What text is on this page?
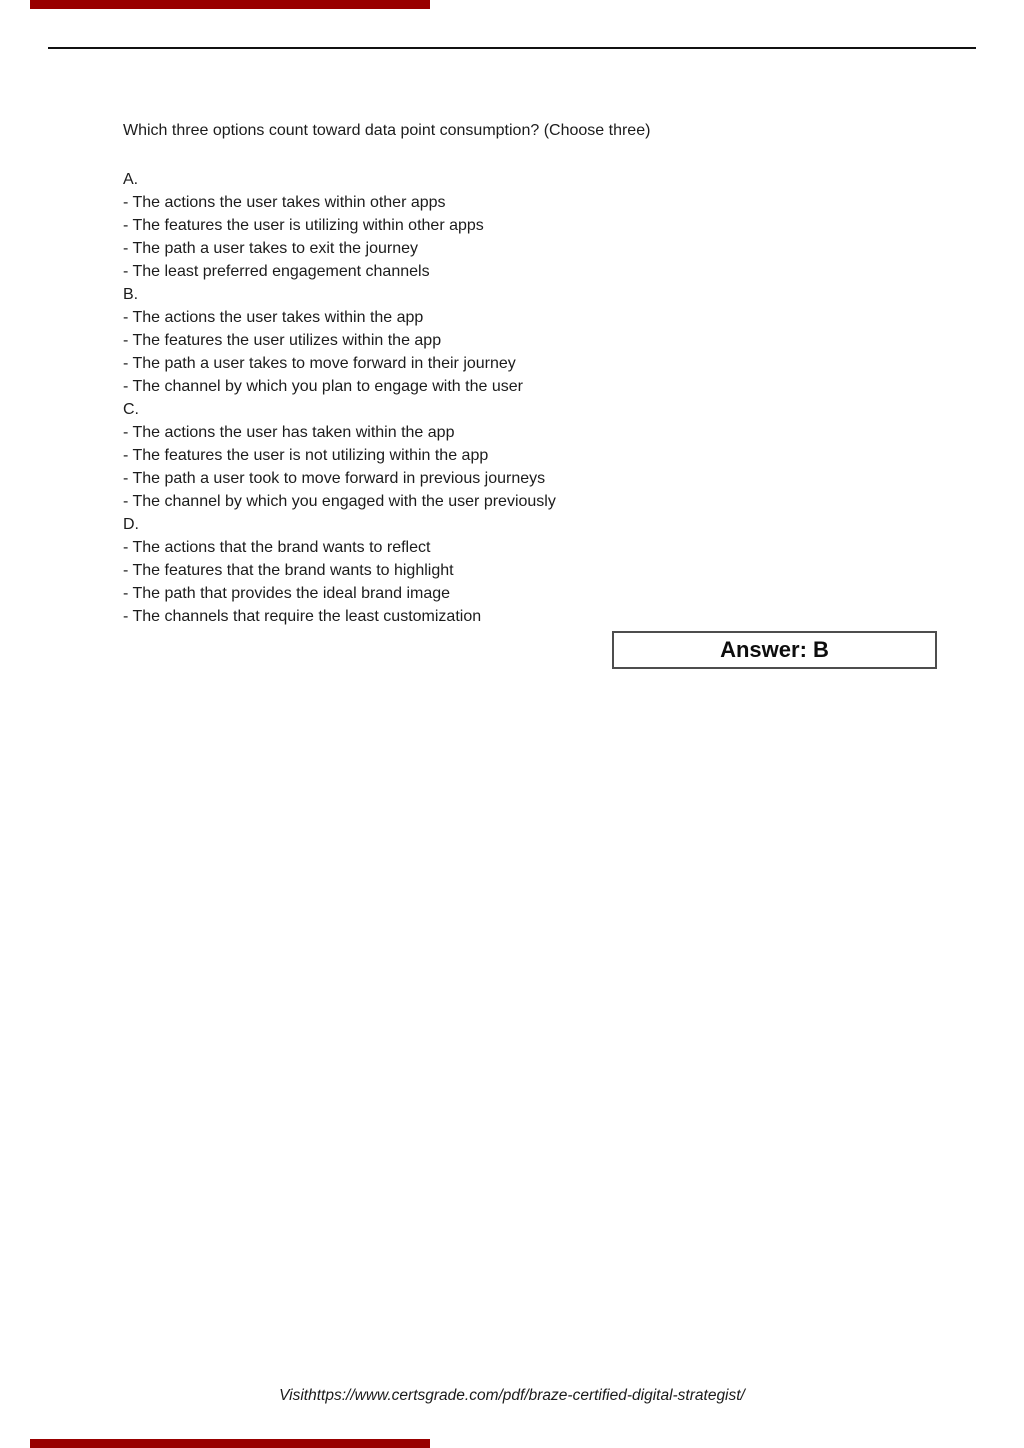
Which three options count toward data point consumption? (Choose three)
A.
- The actions the user takes within other apps
- The features the user is utilizing within other apps
- The path a user takes to exit the journey
- The least preferred engagement channels
B.
- The actions the user takes within the app
- The features the user utilizes within the app
- The path a user takes to move forward in their journey
- The channel by which you plan to engage with the user
C.
- The actions the user has taken within the app
- The features the user is not utilizing within the app
- The path a user took to move forward in previous journeys
- The channel by which you engaged with the user previously
D.
- The actions that the brand wants to reflect
- The features that the brand wants to highlight
- The path that provides the ideal brand image
- The channels that require the least customization
Answer: B
Visithttps://www.certsgrade.com/pdf/braze-certified-digital-strategist/
